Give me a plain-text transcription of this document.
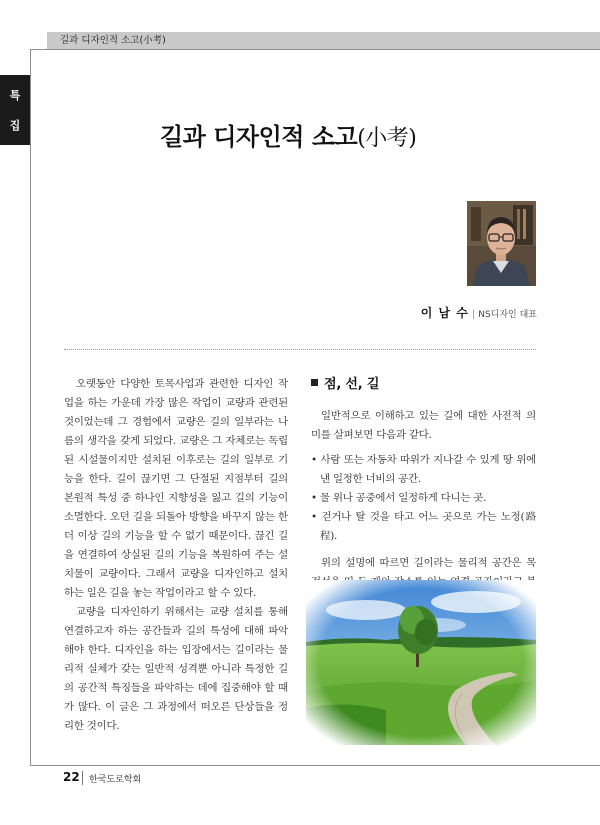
길과 디자인적 소고(小考)
특
집	길과 디자인적 소고(小考)
이 남 수 | NS디자인 대표

오랫동안 다양한 토목사업과 관련한 디자인 작업을 하는 가운데 가장 많은 작업이 교량과 관련된 것이었는데 그 경험에서 교량은 길의 일부라는 나름의 생각을 갖게 되었다. 교량은 그 자체로는 독립된 시설물이지만 설치된 이후로는 길의 일부로 기능을 한다. 길이 끊기면 그 단절된 지점부터 길의 본원적 특성 중 하나인 지향성을 잃고 길의 기능이 소멸한다. 오던 길을 되돌아 방향을 바꾸지 않는 한 더 이상 길의 기능을 할 수 없기 때문이다. 끊긴 길을 연결하여 상실된 길의 기능을 복원하여 주는 설치물이 교량이다. 그래서 교량을 디자인하고 설치하는 일은 길을 놓는 작업이라고 할 수 있다.

교량을 디자인하기 위해서는 교량 설치를 통해 연결하고자 하는 공간들과 길의 특성에 대해 파악해야 한다. 디자인을 하는 입장에서는 길이라는 물리적 실체가 갖는 일반적 성격뿐 아니라 특정한 길의 공간적 특징들을 파악하는 데에 집중해야 할 때가 많다. 이 글은 그 과정에서 떠오른 단상들을 정리한 것이다.

점, 선, 길

일반적으로 이해하고 있는 길에 대한 사전적 의미를 살펴보면 다음과 같다.

• 사람 또는 자동차 따위가 지나갈 수 있게 땅 위에 낸 일정한 너비의 공간.
• 물 위나 공중에서 일정하게 다니는 곳.
• 걷거나 탈 것을 타고 어느 곳으로 가는 노정(路程).

위의 설명에 따르면 길이라는 물리적 공간은 목

22 한국도로학회
